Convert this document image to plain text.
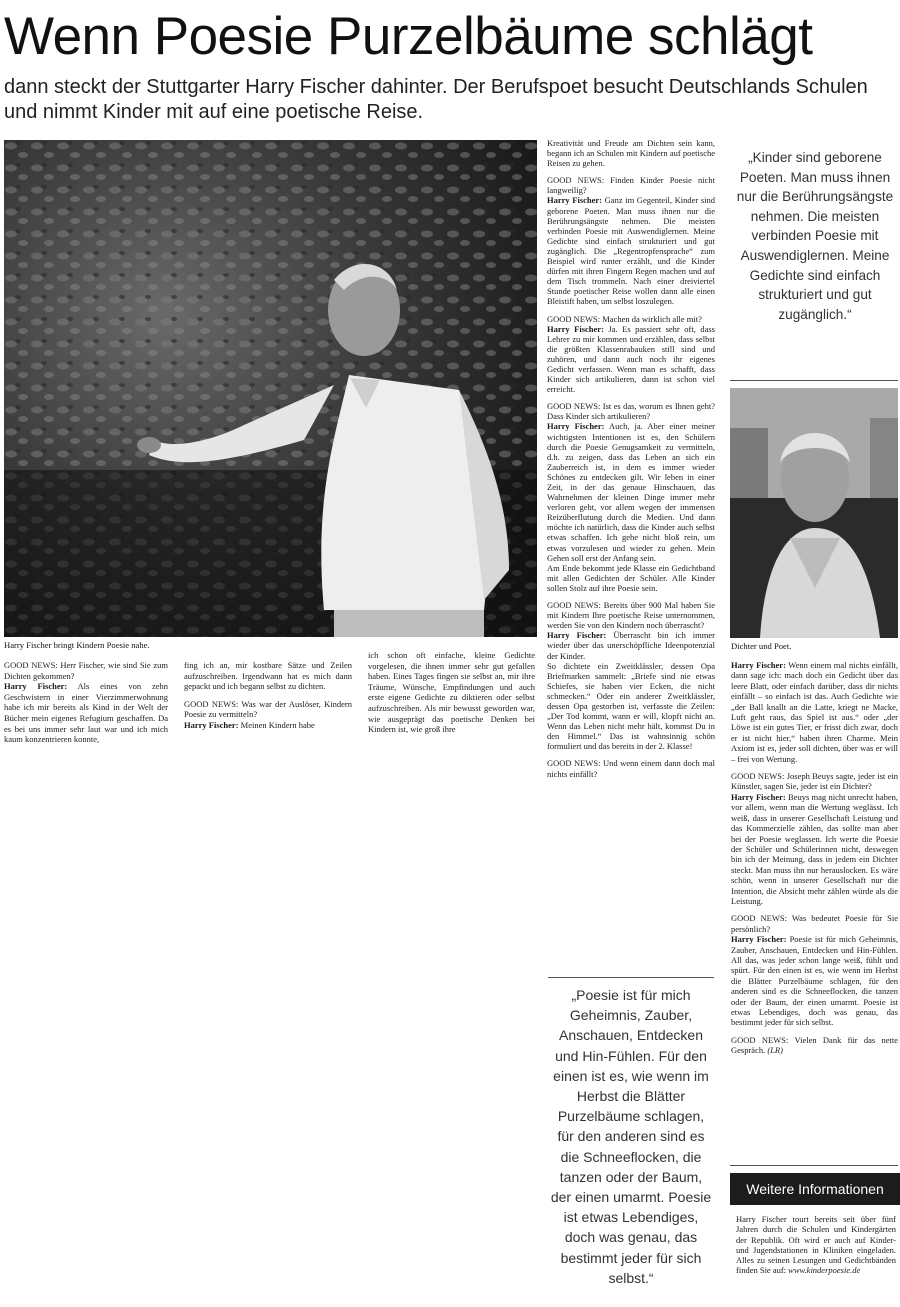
Wenn Poesie Purzelbäume schlägt
dann steckt der Stuttgarter Harry Fischer dahinter. Der Berufspoet besucht Deutschlands Schulen und nimmt Kinder mit auf eine poetische Reise.
Harry Fischer bringt Kindern Poesie nahe.

GOOD NEWS: Herr Fischer, wie sind Sie zum Dichten gekommen?

Harry Fischer: Als eines von zehn Geschwistern in einer Vierzimmerwohnung habe ich mir bereits als Kind in der Welt der Bücher mein eigenes Refugium geschaffen. Da es bei uns immer sehr laut war und ich mich kaum konzentrieren konnte,

fing ich an, mir kostbare Sätze und Zeilen aufzuschreiben. Irgendwann hat es mich dann gepackt und ich begann selbst zu dichten.

GOOD NEWS: Was war der Auslöser, Kindern Poesie zu vermitteln?

Harry Fischer: Meinen Kindern habe

ich schon oft einfache, kleine Gedichte vorgelesen, die ihnen immer sehr gut gefallen haben. Eines Tages fingen sie selbst an, mir ihre Träume, Wünsche, Empfindungen und auch erste eigene Gedichte zu diktieren oder selbst aufzuschreiben. Als mir bewusst geworden war, wie ausgeprägt das poetische Denken bei Kindern ist, wie groß ihre

Kreativität und Freude am Dichten sein kann, begann ich an Schulen mit Kindern auf poetische Reisen zu gehen.

GOOD NEWS: Finden Kinder Poesie nicht langweilig?

Harry Fischer: Ganz im Gegenteil, Kinder sind geborene Poeten. Man muss ihnen nur die Berührungsängste nehmen. Die meisten verbinden Poesie mit Auswendiglernen. Meine Gedichte sind einfach strukturiert und gut zugänglich. Die „Regentropfensprache“ zum Beispiel wird runter erzählt, und die Kinder dürfen mit ihren Fingern Regen machen und auf dem Tisch trommeln. Nach einer dreiviertel Stunde poetischer Reise wollen dann alle einen Bleistift haben, um selbst loszulegen.

GOOD NEWS: Machen da wirklich alle mit?

Harry Fischer: Ja. Es passiert sehr oft, dass Lehrer zu mir kommen und erzählen, dass selbst die größten Klassenrabauken still sind und zuhören, und dann auch noch ihr eigenes Gedicht verfassen. Wenn man es schafft, dass Kinder sich artikulieren, dann ist schon viel erreicht.

GOOD NEWS: Ist es das, worum es Ihnen geht? Dass Kinder sich artikulieren?

Harry Fischer: Auch, ja. Aber einer meiner wichtigsten Intentionen ist es, den Schülern durch die Poesie Genugsamkeit zu vermitteln, d.h. zu zeigen, dass das Leben an sich ein Zauberreich ist, in dem es immer wieder Schönes zu entdecken gilt. Wir leben in einer Zeit, in der das genaue Hinschauen, das Wahrnehmen der kleinen Dinge immer mehr verloren geht, vor allem wegen der immensen Reizüberflutung durch die Medien. Und dann möchte ich natürlich, dass die Kinder auch selbst etwas schaffen. Ich gehe nicht bloß rein, um etwas vorzulesen und wieder zu gehen. Mein Gehen soll erst der Anfang sein.

Am Ende bekommt jede Klasse ein Gedichtband mit allen Gedichten der Schüler. Alle Kinder sollen Stolz auf ihre Poesie sein.

GOOD NEWS: Bereits über 900 Mal haben Sie mit Kindern Ihre poetische Reise unternommen, werden Sie von den Kindern noch überrascht?

Harry Fischer: Überrascht bin ich immer wieder über das unerschöpfliche Ideenpotenzial der Kinder.

So dichtete ein Zweitklässler, dessen Opa Briefmarken sammelt: „Briefe sind nie etwas Schiefes, sie haben vier Ecken, die nicht schmecken.“ Oder ein anderer Zweitklässler, dessen Opa gestorben ist, verfasste die Zeilen: „Der Tod kommt, wann er will, klopft nicht an. Wenn das Leben nicht mehr hält, kommst Du in den Himmel.“ Das ist wahnsinnig schön formuliert und das bereits in der 2. Klasse!

GOOD NEWS: Und wenn einem dann doch mal nichts einfällt?

„Poesie ist für mich Geheimnis, Zauber, Anschauen, Entdecken und Hin-Fühlen. Für den einen ist es, wie wenn im Herbst die Blätter Purzelbäume schlagen, für den anderen sind es die Schneeflocken, die tanzen oder der Baum, der einen umarmt. Poesie ist etwas Lebendiges, doch was genau, das bestimmt jeder für sich selbst.“
„Kinder sind geborene Poeten. Man muss ihnen nur die Berührungsängste nehmen. Die meisten verbinden Poesie mit Auswendiglernen. Meine Gedichte sind einfach strukturiert und gut zugänglich.“
Dichter und Poet.

Harry Fischer: Wenn einem mal nichts einfällt, dann sage ich: mach doch ein Gedicht über das leere Blatt, oder einfach darüber, dass dir nichts einfällt – so einfach ist das. Auch Gedichte wie „der Ball knallt an die Latte, kriegt ne Macke, Luft geht raus, das Spiel ist aus.“ oder „der Löwe ist ein gutes Tier, er frisst dich zwar, doch er ist nicht hier,“ haben ihren Charme. Mein Axiom ist es, jeder soll dichten, über was er will – frei von Wertung.

GOOD NEWS: Joseph Beuys sagte, jeder ist ein Künstler, sagen Sie, jeder ist ein Dichter?

Harry Fischer: Beuys mag nicht unrecht haben, vor allem, wenn man die Wertung weglässt. Ich weiß, dass in unserer Gesellschaft Leistung und das Kommerzielle zählen, das sollte man aber bei der Poesie weglassen. Ich werte die Poesie der Schüler und Schülerinnen nicht, deswegen bin ich der Meinung, dass in jedem ein Dichter steckt. Man muss ihn nur herauslocken. Es wäre schön, wenn in unserer Gesellschaft nur die Intention, die Absicht mehr zählen würde als die Leistung.

GOOD NEWS: Was bedeutet Poesie für Sie persönlich?

Harry Fischer: Poesie ist für mich Geheimnis, Zauber, Anschauen, Entdecken und Hin-Fühlen. All das, was jeder schon lange weiß, fühlt und spürt. Für den einen ist es, wie wenn im Herbst die Blätter Purzelbäume schlagen, für den anderen sind es die Schneeflocken, die tanzen oder der Baum, der einen umarmt. Poesie ist etwas Lebendiges, doch was genau, das bestimmt jeder für sich selbst.

GOOD NEWS: Vielen Dank für das nette Gespräch. (LR)

Weitere Informationen
Harry Fischer tourt bereits seit über fünf Jahren durch die Schulen und Kindergärten der Republik. Oft wird er auch auf Kinder- und Jugendstationen in Kliniken eingeladen. Alles zu seinen Lesungen und Gedichtbänden finden Sie auf: www.kinderpoesie.de
